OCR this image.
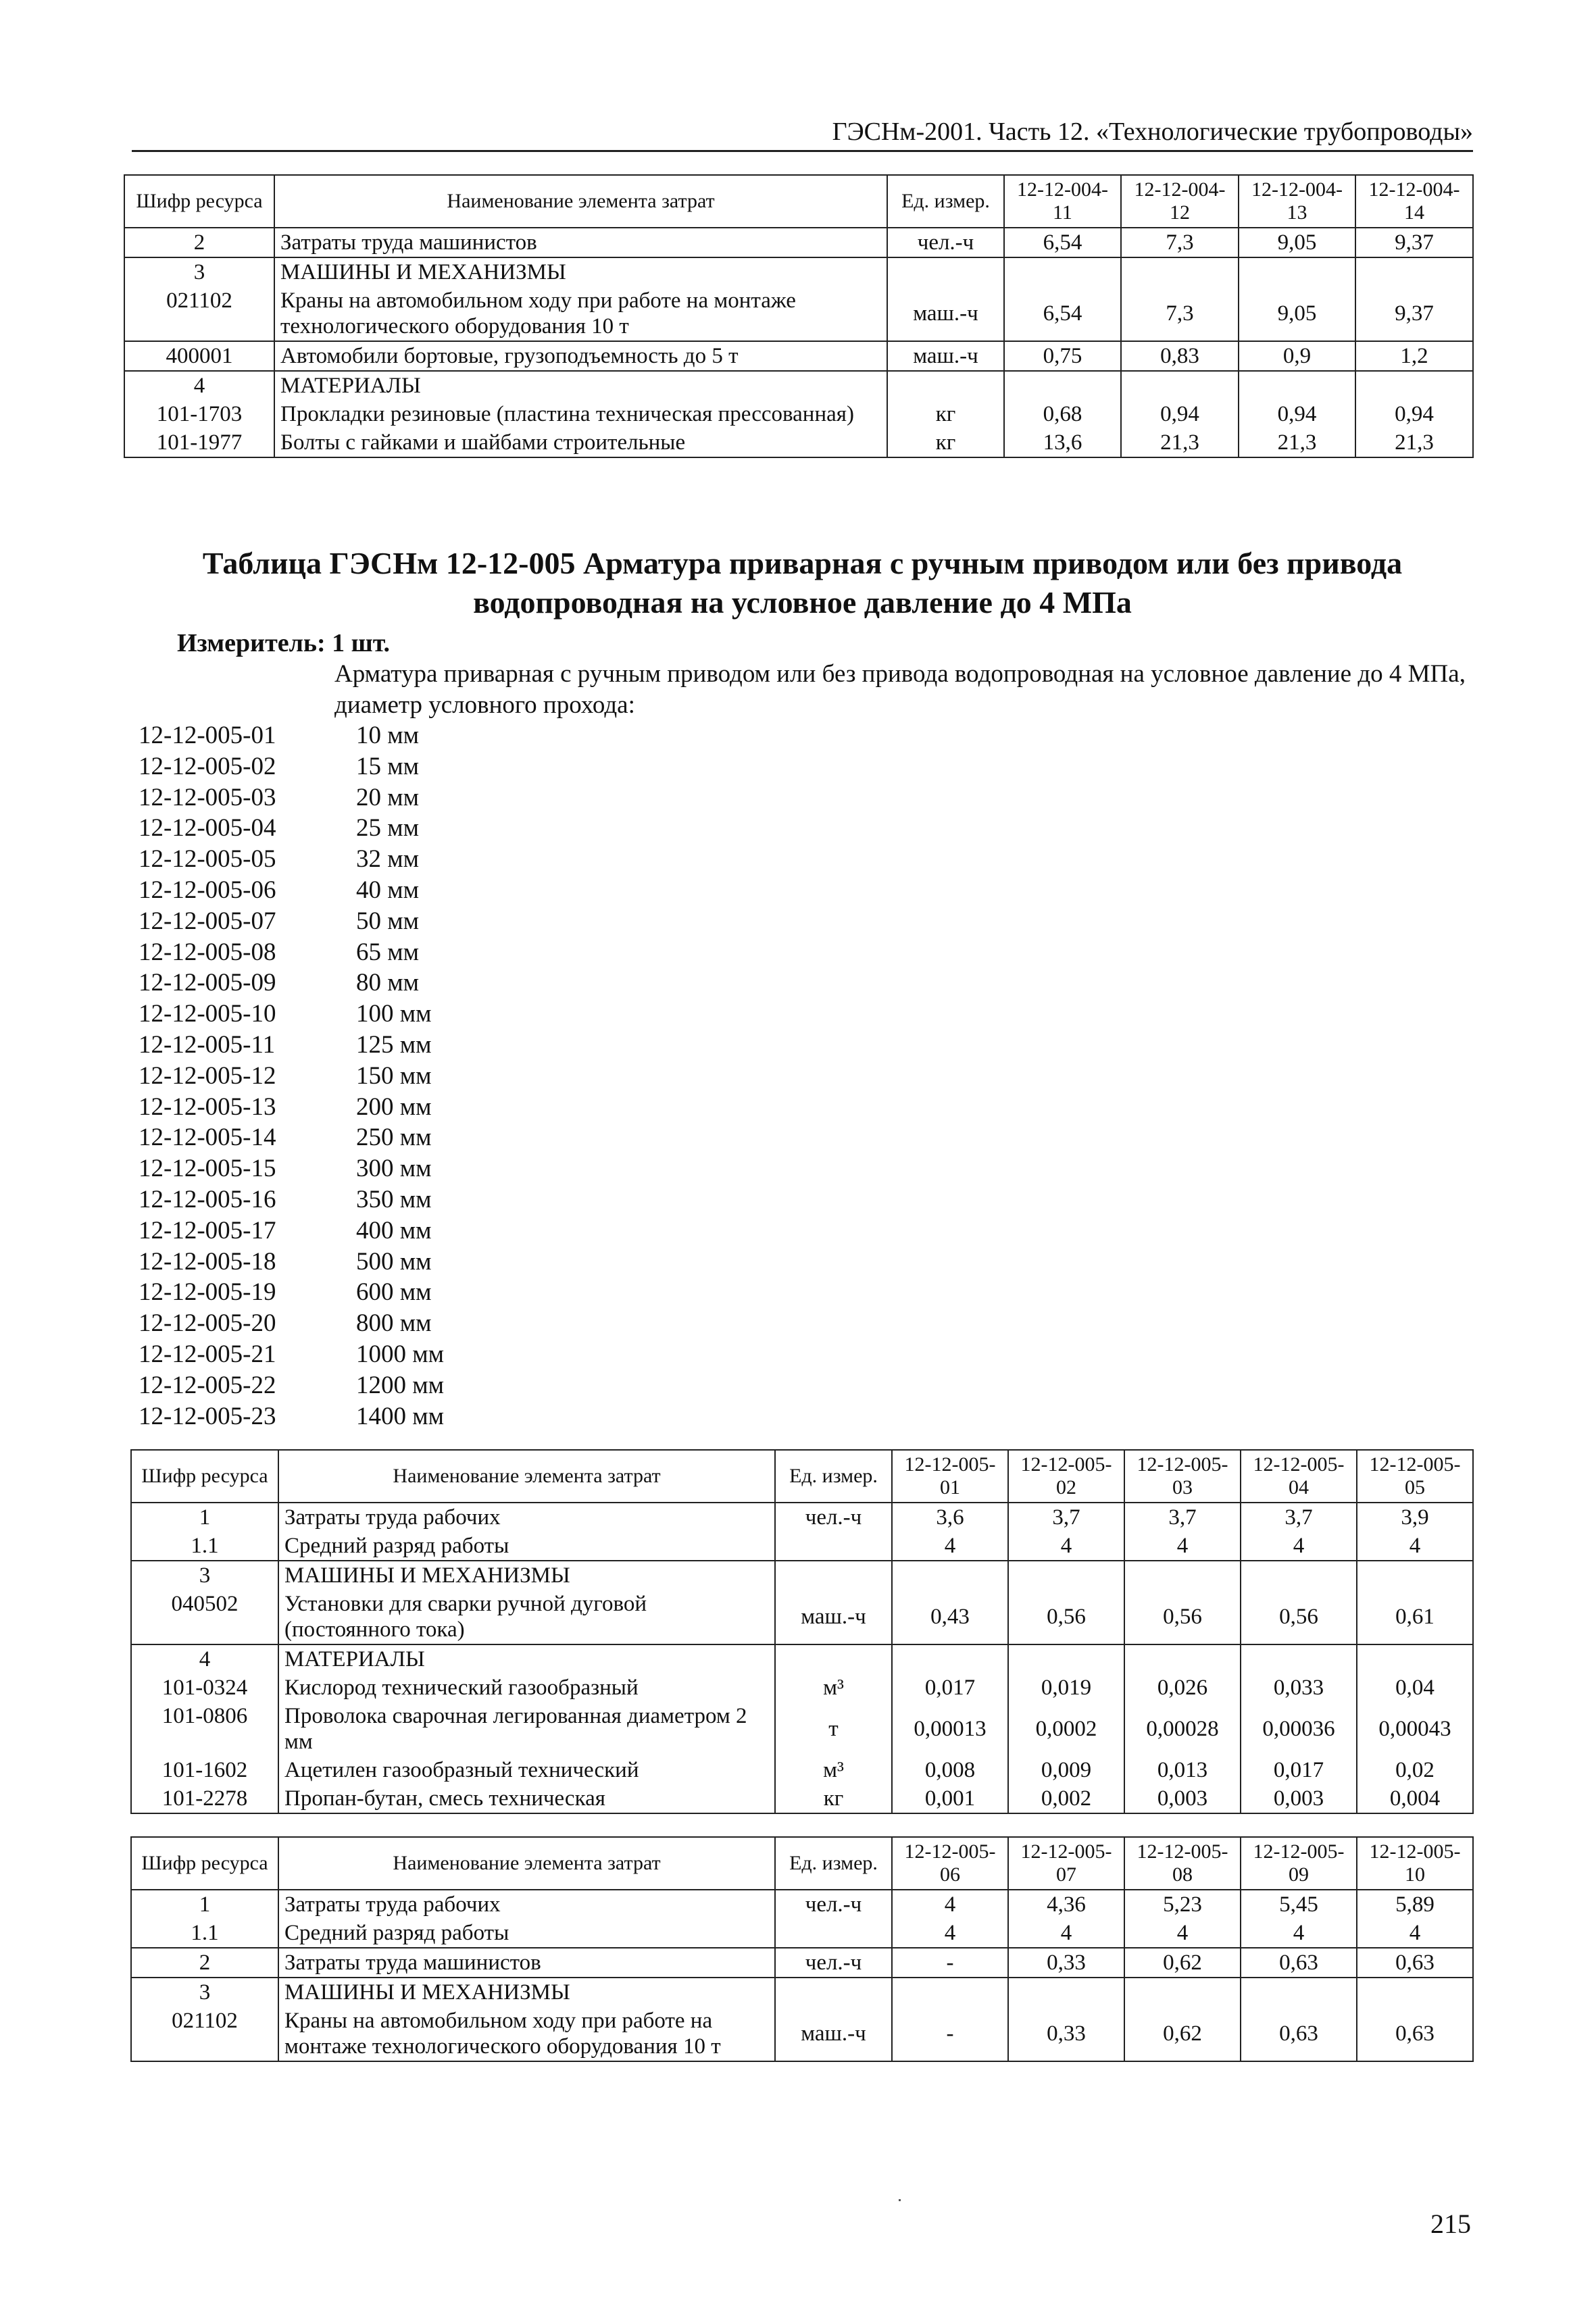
ГЭСНм-2001. Часть 12. «Технологические трубопроводы»
Шифр ресурса	Наименование элемента затрат	Ед. измер.	12-12-004-11	12-12-004-12	12-12-004-13	12-12-004-14
2	Затраты труда машинистов	чел.-ч	6,54	7,3	9,05	9,37
3	МАШИНЫ И МЕХАНИЗМЫ					
021102	Краны на автомобильном ходу при работе на монтаже технологического оборудования 10 т	маш.-ч	6,54	7,3	9,05	9,37
400001	Автомобили бортовые, грузоподъемность до 5 т	маш.-ч	0,75	0,83	0,9	1,2
4	МАТЕРИАЛЫ					
101-1703	Прокладки резиновые (пластина техническая прессованная)	кг	0,68	0,94	0,94	0,94
101-1977	Болты с гайками и шайбами строительные	кг	13,6	21,3	21,3	21,3
Таблица ГЭСНм 12-12-005 Арматура приварная с ручным приводом или без привода водопроводная на условное давление до 4 МПа
Измеритель: 1 шт.
Арматура приварная с ручным приводом или без привода водопроводная на условное давление до 4 МПа, диаметр условного прохода:
12-12-005-01	10 мм
12-12-005-02	15 мм
12-12-005-03	20 мм
12-12-005-04	25 мм
12-12-005-05	32 мм
12-12-005-06	40 мм
12-12-005-07	50 мм
12-12-005-08	65 мм
12-12-005-09	80 мм
12-12-005-10	100 мм
12-12-005-11	125 мм
12-12-005-12	150 мм
12-12-005-13	200 мм
12-12-005-14	250 мм
12-12-005-15	300 мм
12-12-005-16	350 мм
12-12-005-17	400 мм
12-12-005-18	500 мм
12-12-005-19	600 мм
12-12-005-20	800 мм
12-12-005-21	1000 мм
12-12-005-22	1200 мм
12-12-005-23	1400 мм
Шифр ресурса	Наименование элемента затрат	Ед. измер.	12-12-005-01	12-12-005-02	12-12-005-03	12-12-005-04	12-12-005-05
1	Затраты труда рабочих	чел.-ч	3,6	3,7	3,7	3,7	3,9
1.1	Средний разряд работы		4	4	4	4	4
3	МАШИНЫ И МЕХАНИЗМЫ						
040502	Установки для сварки ручной дуговой (постоянного тока)	маш.-ч	0,43	0,56	0,56	0,56	0,61
4	МАТЕРИАЛЫ						
101-0324	Кислород технический газообразный	м³	0,017	0,019	0,026	0,033	0,04
101-0806	Проволока сварочная легированная диаметром 2 мм	т	0,00013	0,0002	0,00028	0,00036	0,00043
101-1602	Ацетилен газообразный технический	м³	0,008	0,009	0,013	0,017	0,02
101-2278	Пропан-бутан, смесь техническая	кг	0,001	0,002	0,003	0,003	0,004
Шифр ресурса	Наименование элемента затрат	Ед. измер.	12-12-005-06	12-12-005-07	12-12-005-08	12-12-005-09	12-12-005-10
1	Затраты труда рабочих	чел.-ч	4	4,36	5,23	5,45	5,89
1.1	Средний разряд работы		4	4	4	4	4
2	Затраты труда машинистов	чел.-ч	-	0,33	0,62	0,63	0,63
3	МАШИНЫ И МЕХАНИЗМЫ						
021102	Краны на автомобильном ходу при работе на монтаже технологического оборудования 10 т	маш.-ч	-	0,33	0,62	0,63	0,63
215
